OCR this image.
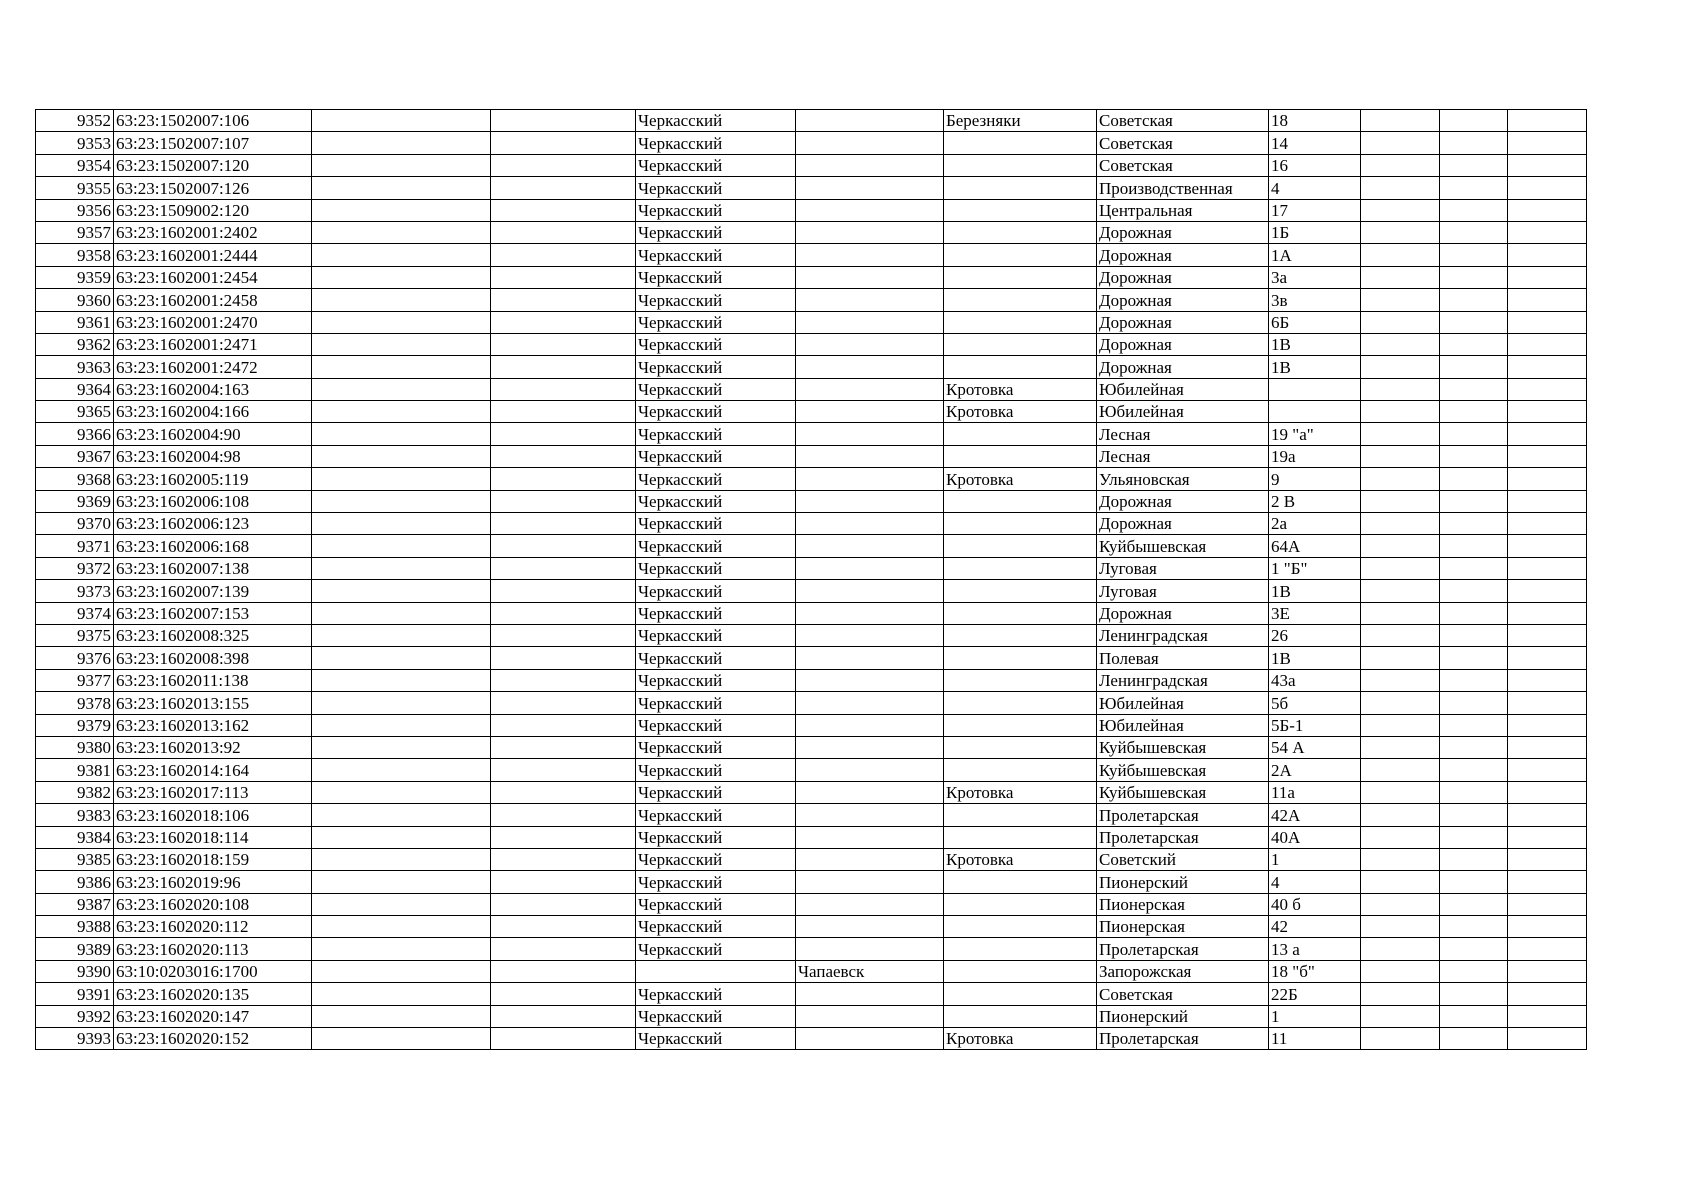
9352	63:23:1502007:106			Черкасский		Березняки	Советская	18			
9353	63:23:1502007:107			Черкасский			Советская	14			
9354	63:23:1502007:120			Черкасский			Советская	16			
9355	63:23:1502007:126			Черкасский			Производственная	4			
9356	63:23:1509002:120			Черкасский			Центральная	17			
9357	63:23:1602001:2402			Черкасский			Дорожная	1Б			
9358	63:23:1602001:2444			Черкасский			Дорожная	1А			
9359	63:23:1602001:2454			Черкасский			Дорожная	3а			
9360	63:23:1602001:2458			Черкасский			Дорожная	3в			
9361	63:23:1602001:2470			Черкасский			Дорожная	6Б			
9362	63:23:1602001:2471			Черкасский			Дорожная	1В			
9363	63:23:1602001:2472			Черкасский			Дорожная	1В			
9364	63:23:1602004:163			Черкасский		Кротовка	Юбилейная				
9365	63:23:1602004:166			Черкасский		Кротовка	Юбилейная				
9366	63:23:1602004:90			Черкасский			Лесная	19 "а"			
9367	63:23:1602004:98			Черкасский			Лесная	19а			
9368	63:23:1602005:119			Черкасский		Кротовка	Ульяновская	9			
9369	63:23:1602006:108			Черкасский			Дорожная	2 В			
9370	63:23:1602006:123			Черкасский			Дорожная	2а			
9371	63:23:1602006:168			Черкасский			Куйбышевская	64А			
9372	63:23:1602007:138			Черкасский			Луговая	1 "Б"			
9373	63:23:1602007:139			Черкасский			Луговая	1В			
9374	63:23:1602007:153			Черкасский			Дорожная	3Е			
9375	63:23:1602008:325			Черкасский			Ленинградская	26			
9376	63:23:1602008:398			Черкасский			Полевая	1В			
9377	63:23:1602011:138			Черкасский			Ленинградская	43а			
9378	63:23:1602013:155			Черкасский			Юбилейная	5б			
9379	63:23:1602013:162			Черкасский			Юбилейная	5Б-1			
9380	63:23:1602013:92			Черкасский			Куйбышевская	54 А			
9381	63:23:1602014:164			Черкасский			Куйбышевская	2А			
9382	63:23:1602017:113			Черкасский		Кротовка	Куйбышевская	11а			
9383	63:23:1602018:106			Черкасский			Пролетарская	42А			
9384	63:23:1602018:114			Черкасский			Пролетарская	40А			
9385	63:23:1602018:159			Черкасский		Кротовка	Советский	1			
9386	63:23:1602019:96			Черкасский			Пионерский	4			
9387	63:23:1602020:108			Черкасский			Пионерская	40 б			
9388	63:23:1602020:112			Черкасский			Пионерская	42			
9389	63:23:1602020:113			Черкасский			Пролетарская	13 а			
9390	63:10:0203016:1700				Чапаевск		Запорожская	18 "б"			
9391	63:23:1602020:135			Черкасский			Советская	22Б			
9392	63:23:1602020:147			Черкасский			Пионерский	1			
9393	63:23:1602020:152			Черкасский		Кротовка	Пролетарская	11			
